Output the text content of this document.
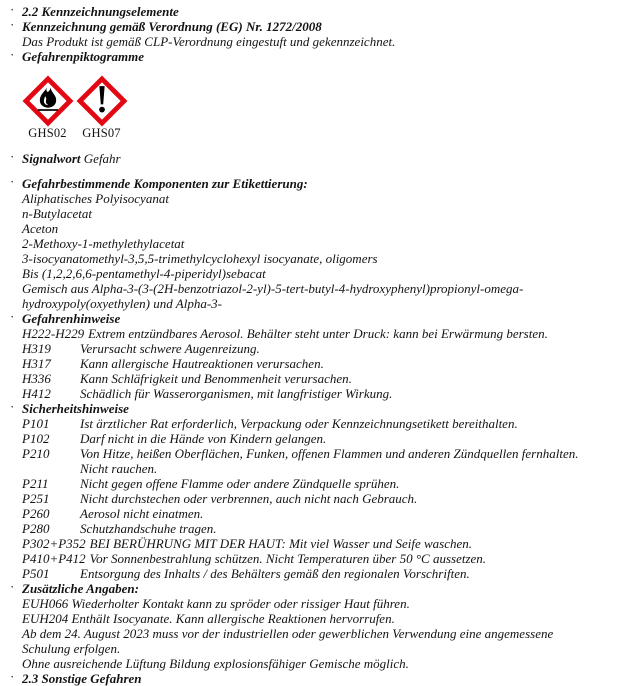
· 2.2 Kennzeichnungselemente
· Kennzeichnung gemäß Verordnung (EG) Nr. 1272/2008
Das Produkt ist gemäß CLP-Verordnung eingestuft und gekennzeichnet.
· Gefahrenpiktogramme
GHS02 GHS07
· Signalwort Gefahr
· Gefahrbestimmende Komponenten zur Etikettierung:
Aliphatisches Polyisocyanat
n-Butylacetat
Aceton
2-Methoxy-1-methylethylacetat
3-isocyanatomethyl-3,5,5-trimethylcyclohexyl isocyanate, oligomers
Bis (1,2,2,6,6-pentamethyl-4-piperidyl)sebacat
Gemisch aus Alpha-3-(3-(2H-benzotriazol-2-yl)-5-tert-butyl-4-hydroxyphenyl)propionyl-omega-
hydroxypoly(oxyethylen) und Alpha-3-
· Gefahrenhinweise
H222-H229 Extrem entzündbares Aerosol. Behälter steht unter Druck: kann bei Erwärmung bersten.
H319	Verursacht schwere Augenreizung.
H317	Kann allergische Hautreaktionen verursachen.
H336	Kann Schläfrigkeit und Benommenheit verursachen.
H412	Schädlich für Wasserorganismen, mit langfristiger Wirkung.
· Sicherheitshinweise
P101	Ist ärztlicher Rat erforderlich, Verpackung oder Kennzeichnungsetikett bereithalten.
P102	Darf nicht in die Hände von Kindern gelangen.
P210	Von Hitze, heißen Oberflächen, Funken, offenen Flammen und anderen Zündquellen fernhalten.
Nicht rauchen.
P211	Nicht gegen offene Flamme oder andere Zündquelle sprühen.
P251	Nicht durchstechen oder verbrennen, auch nicht nach Gebrauch.
P260	Aerosol nicht einatmen.
P280	Schutzhandschuhe tragen.
P302+P352 BEI BERÜHRUNG MIT DER HAUT: Mit viel Wasser und Seife waschen.
P410+P412 Vor Sonnenbestrahlung schützen. Nicht Temperaturen über 50 °C aussetzen.
P501	Entsorgung des Inhalts / des Behälters gemäß den regionalen Vorschriften.
· Zusätzliche Angaben:
EUH066 Wiederholter Kontakt kann zu spröder oder rissiger Haut führen.
EUH204 Enthält Isocyanate. Kann allergische Reaktionen hervorrufen.
Ab dem 24. August 2023 muss vor der industriellen oder gewerblichen Verwendung eine angemessene
Schulung erfolgen.
Ohne ausreichende Lüftung Bildung explosionsfähiger Gemische möglich.
· 2.3 Sonstige Gefahren
